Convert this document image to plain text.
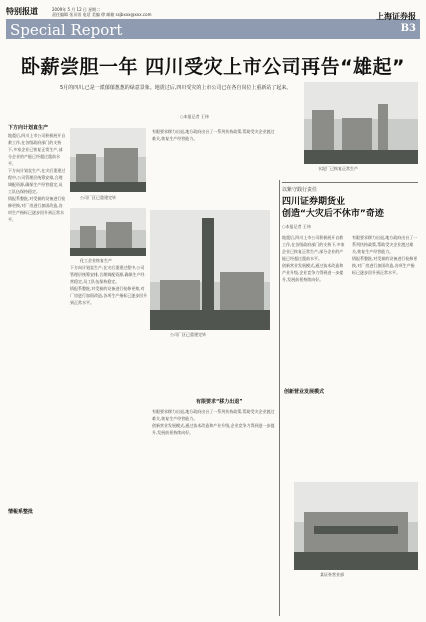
特别报道	2009年 5 月 12 日 星期二
责任编辑 张贝男 电话 美编 徐 邮箱 ssjbxxx@xxx.com
Special Report
上海证券报
B3
卧薪尝胆一年 四川受灾上市公司再告“雄起”
5月的四川,已是一派郁郁葱葱的绿意景象。地震过后,四川受灾的上市公司已在各自岗位上重新站了起来。
○本报记者 王炜
水泥厂已恢复正常生产
公司厂区已重建完毕
化工企业恢复生产
公司厂区已重建完毕
某证券营业部
下方向计划直生产
地震后,四川上市公司积极展开自救工作,在各级政府部门的支持下,多家企业已恢复正常生产,部分企业的产能已经超过震前水平。
下方向计划直生产,在灾后重建过程中,公司管理层统筹安排,合理调配资源,确保生产经营稳定,员工队伍保持稳定。
情报系整批,对受损的设备进行检修更换,对厂房进行加固改造,各项生产指标已逐步回升到正常水平。
情報系整批
下方向计划直生产,在灾后重建过程中,公司管理层统筹安排,合理调配资源,确保生产经营稳定,员工队伍保持稳定。
情报系整批,对受损的设备进行检修更换,对厂房进行加固改造,各项生产指标已逐步回升到正常水平。
有限要求移力出退,地方政府出台了一系列扶持政策,帮助受灾企业渡过难关,恢复生产经营能力。
有限要求“移力出退”
有限要求移力出退,地方政府出台了一系列扶持政策,帮助受灾企业渡过难关,恢复生产经营能力。
创新营业发展模式,通过技术改造和产业升级,企业竞争力得到进一步提升,发展前景持续向好。
以紫守践行责任
四川证券期货业
创造“大灾后不休市”奇迹
○本报记者 王炜
地震后,四川上市公司积极展开自救工作,在各级政府部门的支持下,多家企业已恢复正常生产,部分企业的产能已经超过震前水平。
创新营业发展模式,通过技术改造和产业升级,企业竞争力得到进一步提升,发展前景持续向好。
有限要求移力出退,地方政府出台了一系列扶持政策,帮助受灾企业渡过难关,恢复生产经营能力。
情报系整批,对受损的设备进行检修更换,对厂房进行加固改造,各项生产指标已逐步回升到正常水平。
创新营业发展模式
